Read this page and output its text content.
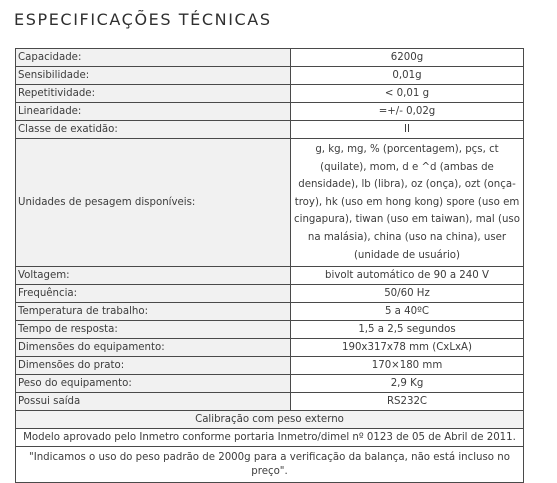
ESPECIFICAÇÕES TÉCNICAS
Capacidade:	6200g
Sensibilidade:	0,01g
Repetitividade:	< 0,01 g
Linearidade:	=+/- 0,02g
Classe de exatidão:	II
Unidades de pesagem disponíveis:	g, kg, mg, % (porcentagem), pçs, ct (quilate), mom, d e ^d (ambas de densidade), lb (libra), oz (onça), ozt (onça-troy), hk (uso em hong kong) spore (uso em cingapura), tiwan (uso em taiwan), mal (uso na malásia), china (uso na china), user (unidade de usuário)
Voltagem:	bivolt automático de 90 a 240 V
Frequência:	50/60 Hz
Temperatura de trabalho:	5 a 40ºC
Tempo de resposta:	1,5 a 2,5 segundos
Dimensões do equipamento:	190x317x78 mm (CxLxA)
Dimensões do prato:	170×180 mm
Peso do equipamento:	2,9 Kg
Possui saída	RS232C
Calibração com peso externo	
Modelo aprovado pelo Inmetro conforme portaria Inmetro/dimel nº 0123 de 05 de Abril de 2011.	
"Indicamos o uso do peso padrão de 2000g para a verificação da balança, não está incluso no preço".	
